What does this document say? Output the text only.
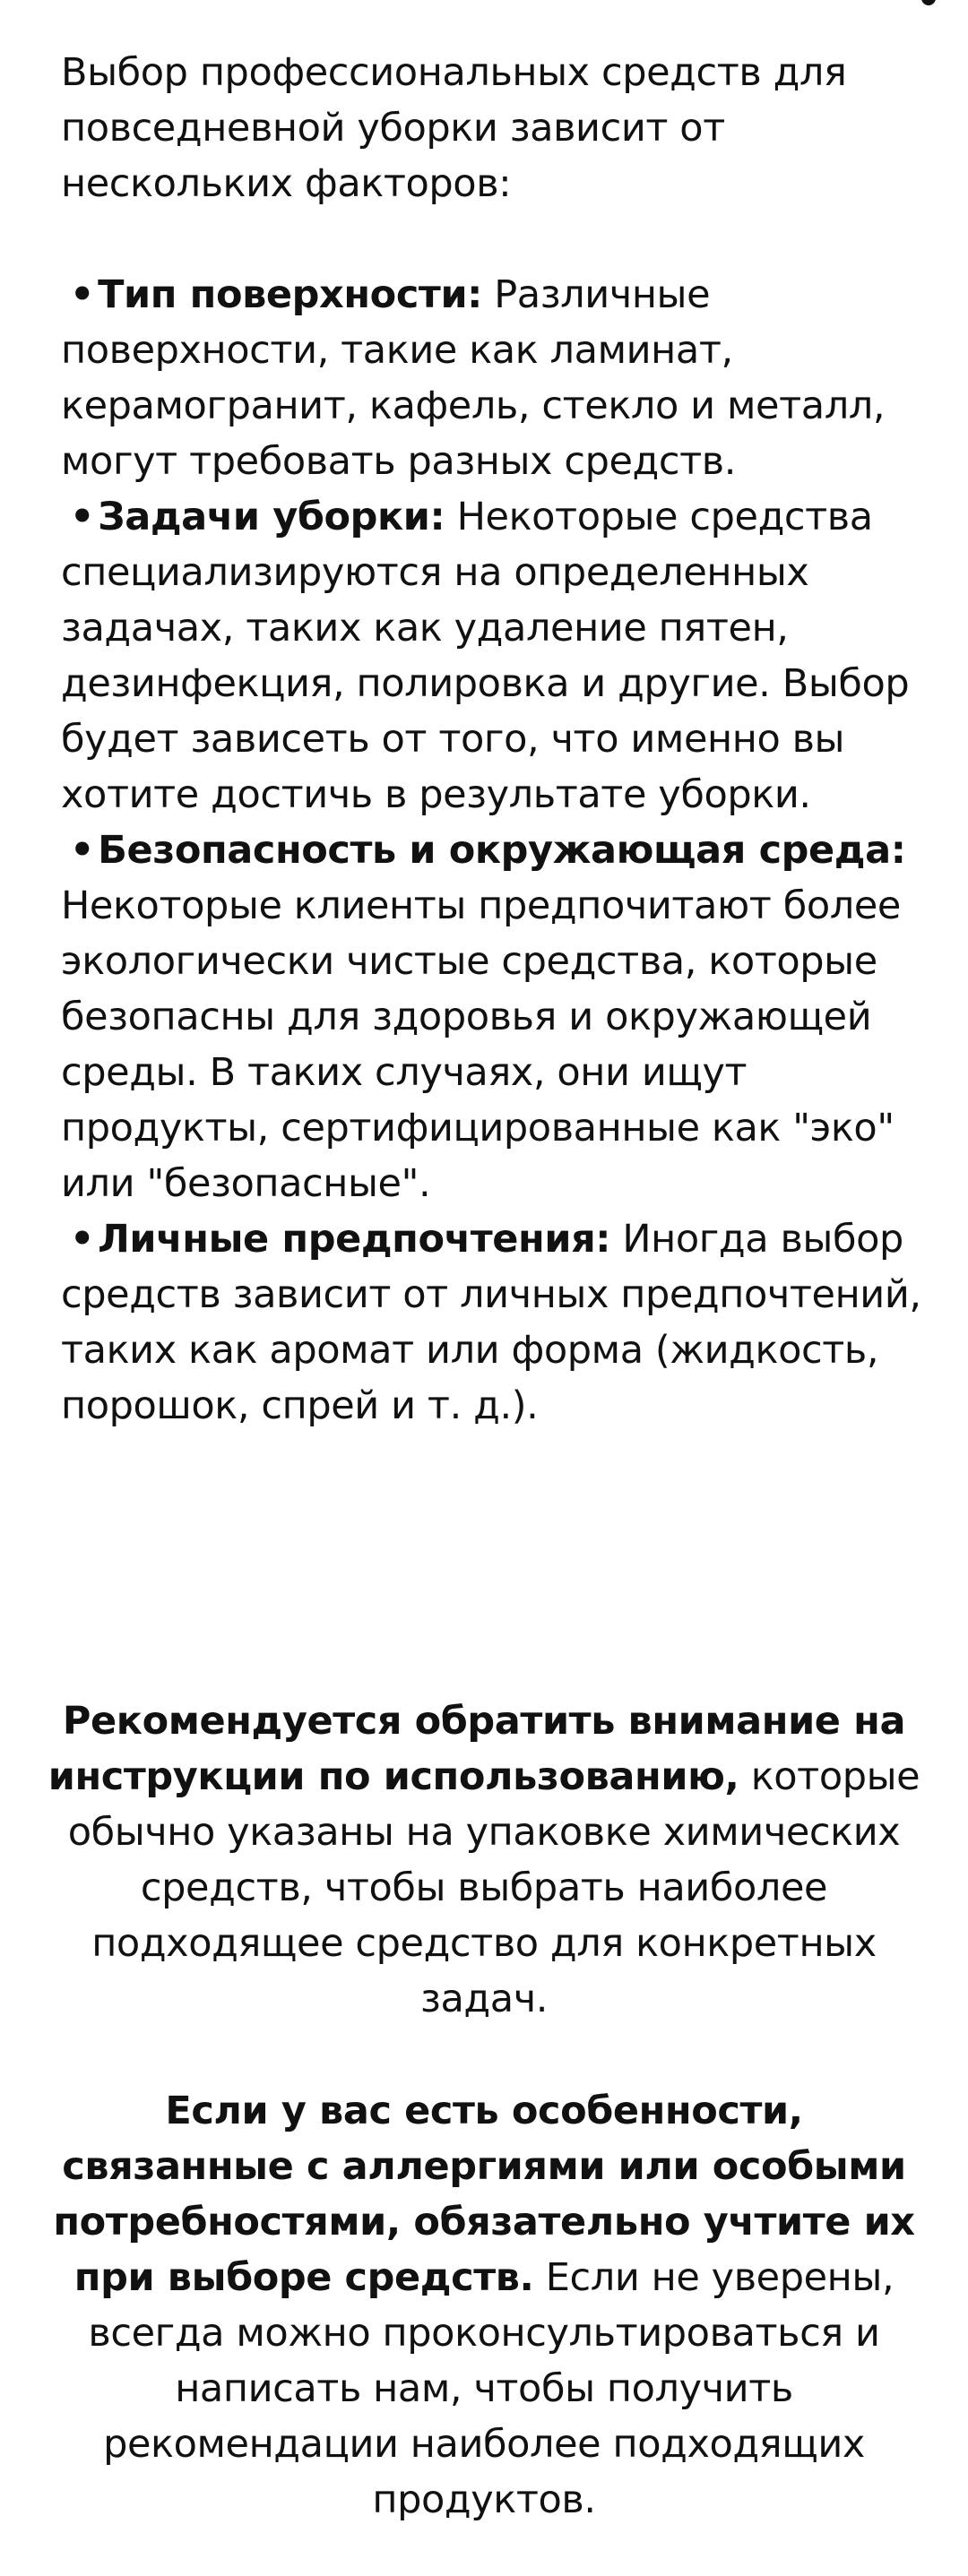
Выбор профессиональных средств для повседневной уборки зависит от нескольких факторов:

•Тип поверхности: Различные поверхности, такие как ламинат, керамогранит, кафель, стекло и металл, могут требовать разных средств.

•Задачи уборки: Некоторые средства специализируются на определенных задачах, таких как удаление пятен, дезинфекция, полировка и другие. Выбор будет зависеть от того, что именно вы хотите достичь в результате уборки.

•Безопасность и окружающая среда: Некоторые клиенты предпочитают более экологически чистые средства, которые безопасны для здоровья и окружающей среды. В таких случаях, они ищут продукты, сертифицированные как "эко" или "безопасные".

•Личные предпочтения: Иногда выбор средств зависит от личных предпочтений, таких как аромат или форма (жидкость, порошок, спрей и т. д.).

Рекомендуется обратить внимание на инструкции по использованию, которые обычно указаны на упаковке химических средств, чтобы выбрать наиболее подходящее средство для конкретных задач.

Если у вас есть особенности, связанные с аллергиями или особыми потребностями, обязательно учтите их при выборе средств. Если не уверены, всегда можно проконсультироваться и написать нам, чтобы получить рекомендации наиболее подходящих продуктов.
